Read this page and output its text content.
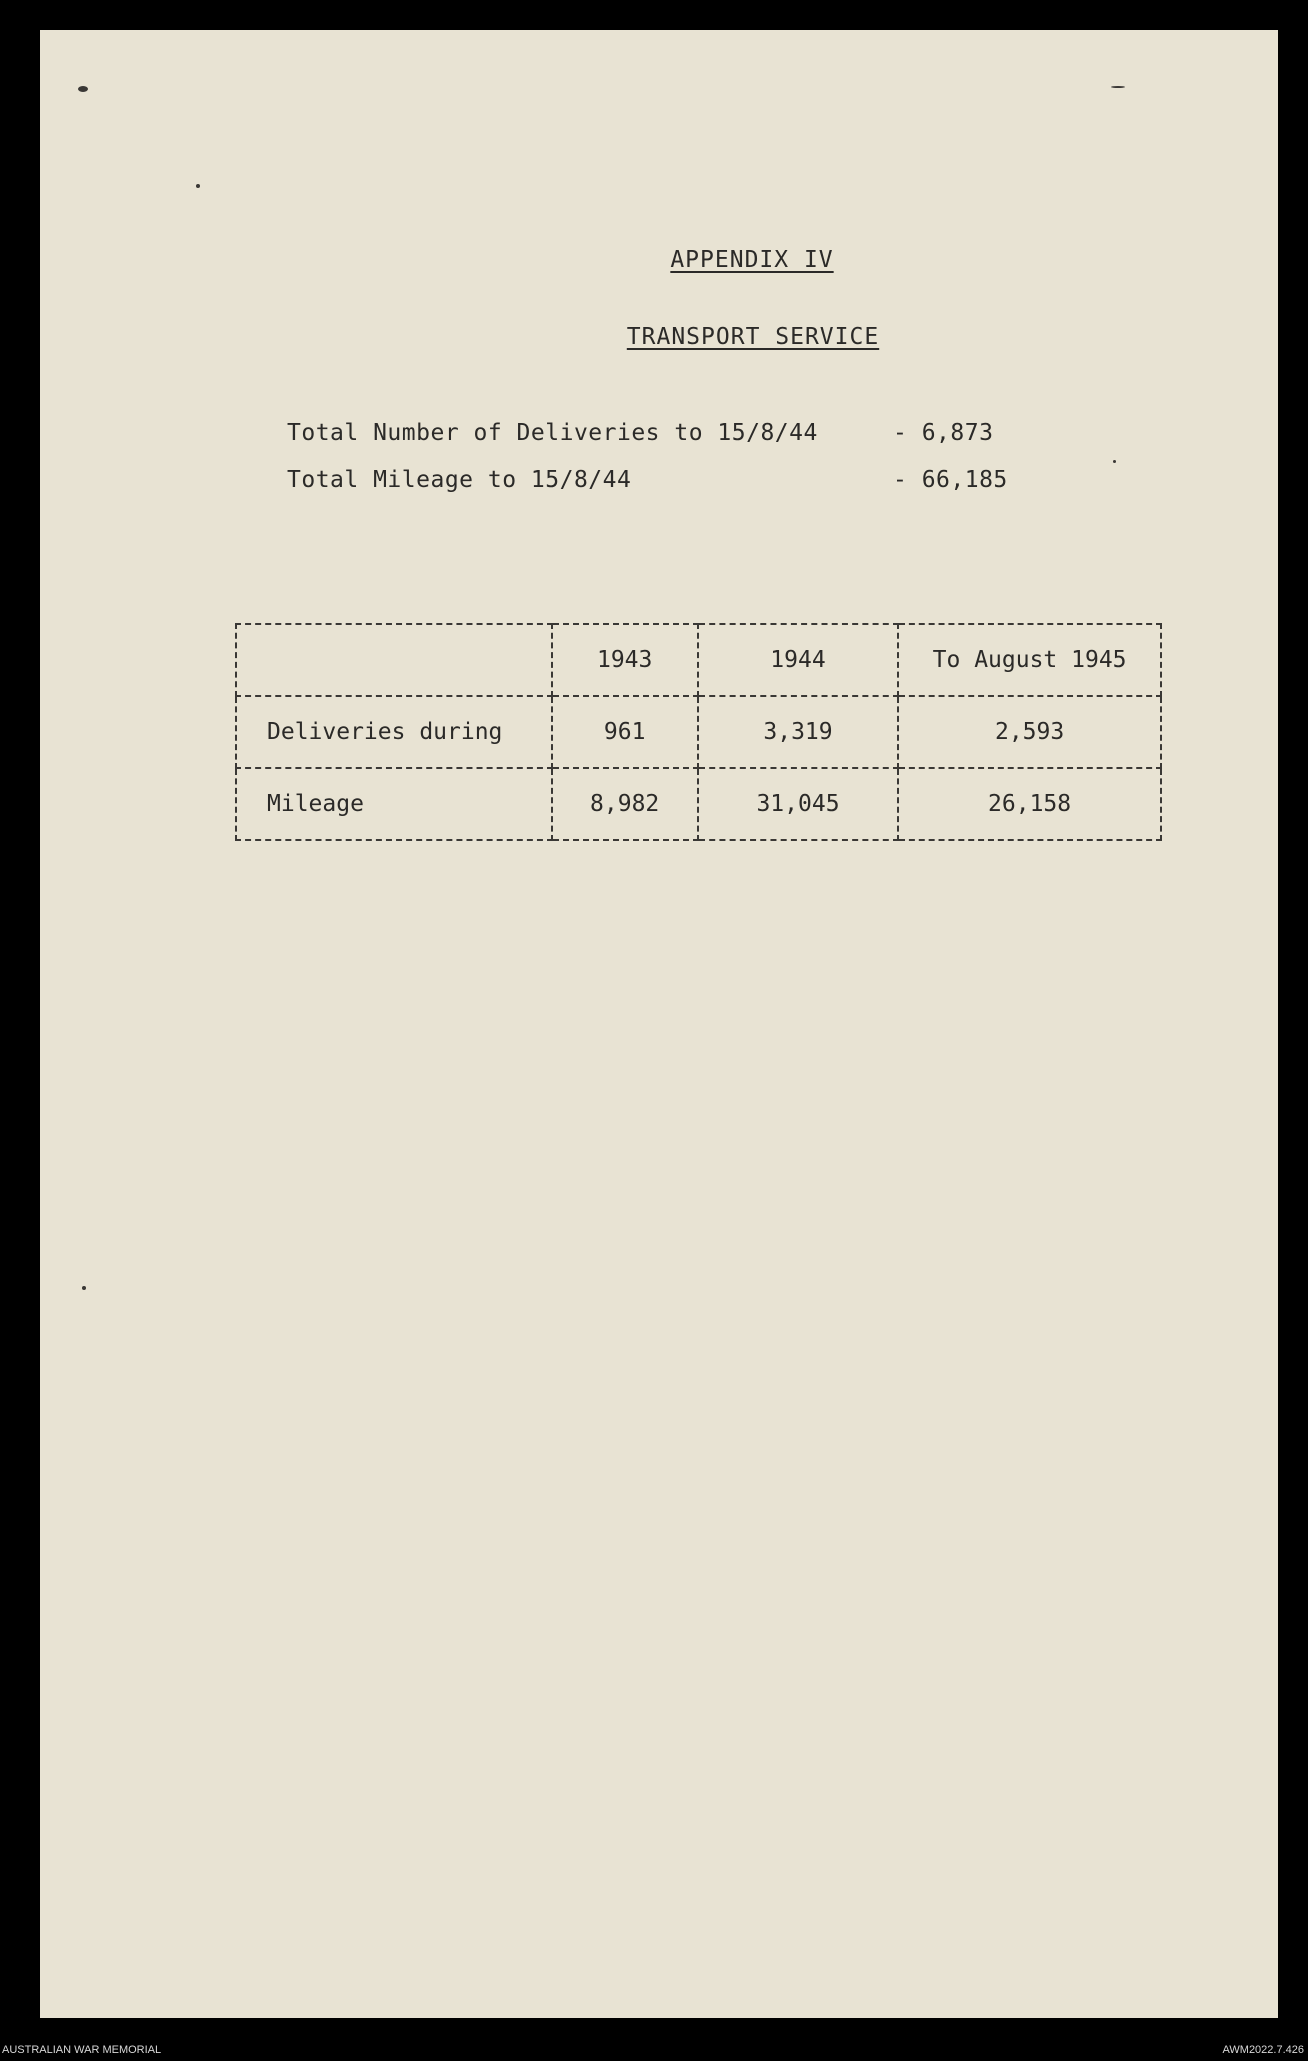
APPENDIX IV
TRANSPORT SERVICE
Total Number of Deliveries to 15/8/44	- 6,873
Total Mileage to 15/8/44	- 66,185
	1943	1944	To August 1945
Deliveries during	961	3,319	2,593
Mileage	8,982	31,045	26,158
AUSTRALIAN WAR MEMORIAL	AWM2022.7.426
